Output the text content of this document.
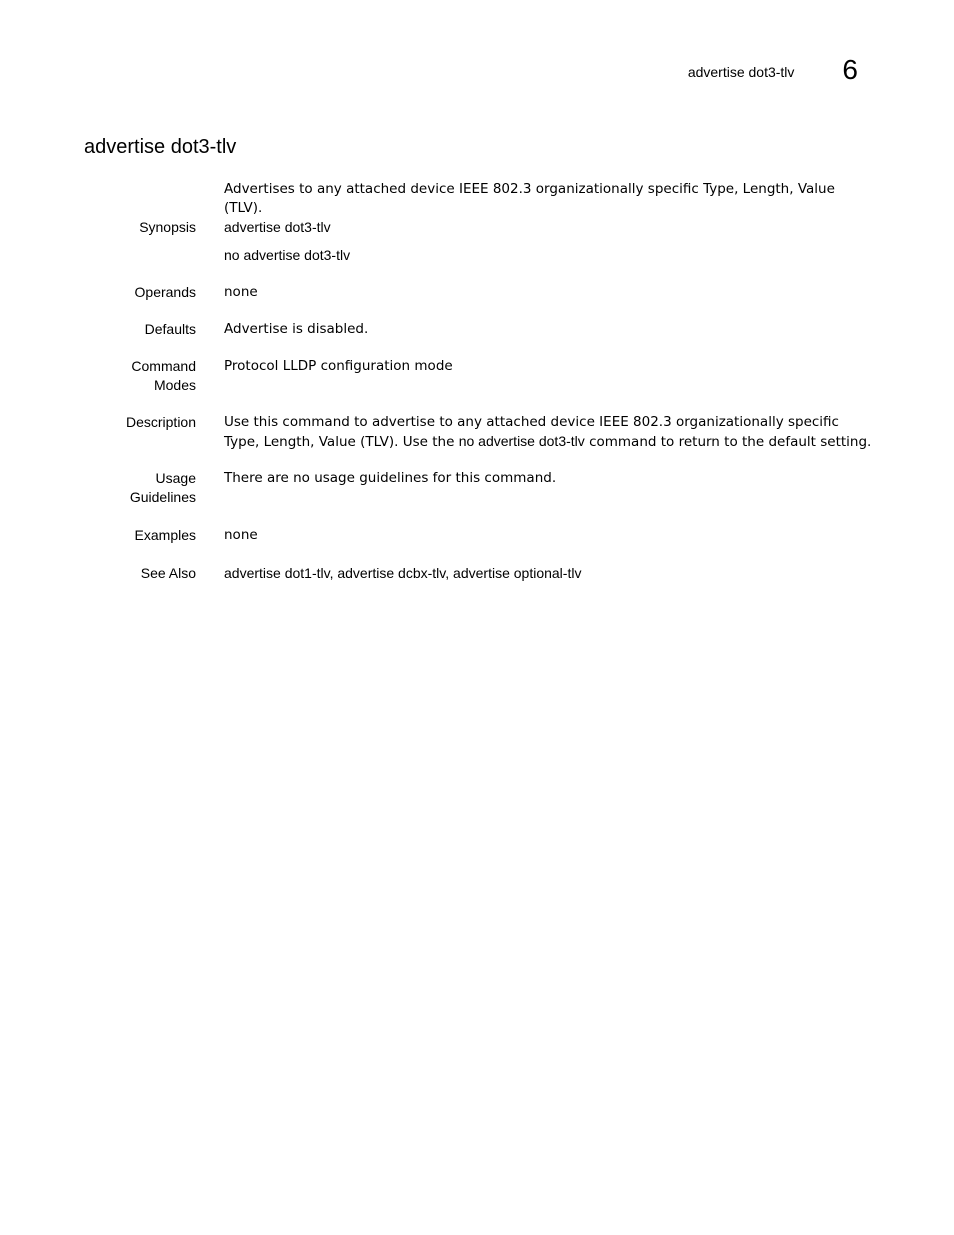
advertise dot3-tlv 6
advertise dot3-tlv
Advertises to any attached device IEEE 802.3 organizationally specific Type, Length, Value (TLV).
Synopsis advertise dot3-tlv
no advertise dot3-tlv
Operands none
Defaults Advertise is disabled.
Command
Modes
Protocol LLDP configuration mode
Description Use this command to advertise to any attached device IEEE 802.3 organizationally specific Type, Length, Value (TLV). Use the no advertise dot3-tlv command to return to the default setting.
Usage
Guidelines
There are no usage guidelines for this command.
Examples none
See Also advertise dot1-tlv, advertise dcbx-tlv, advertise optional-tlv
